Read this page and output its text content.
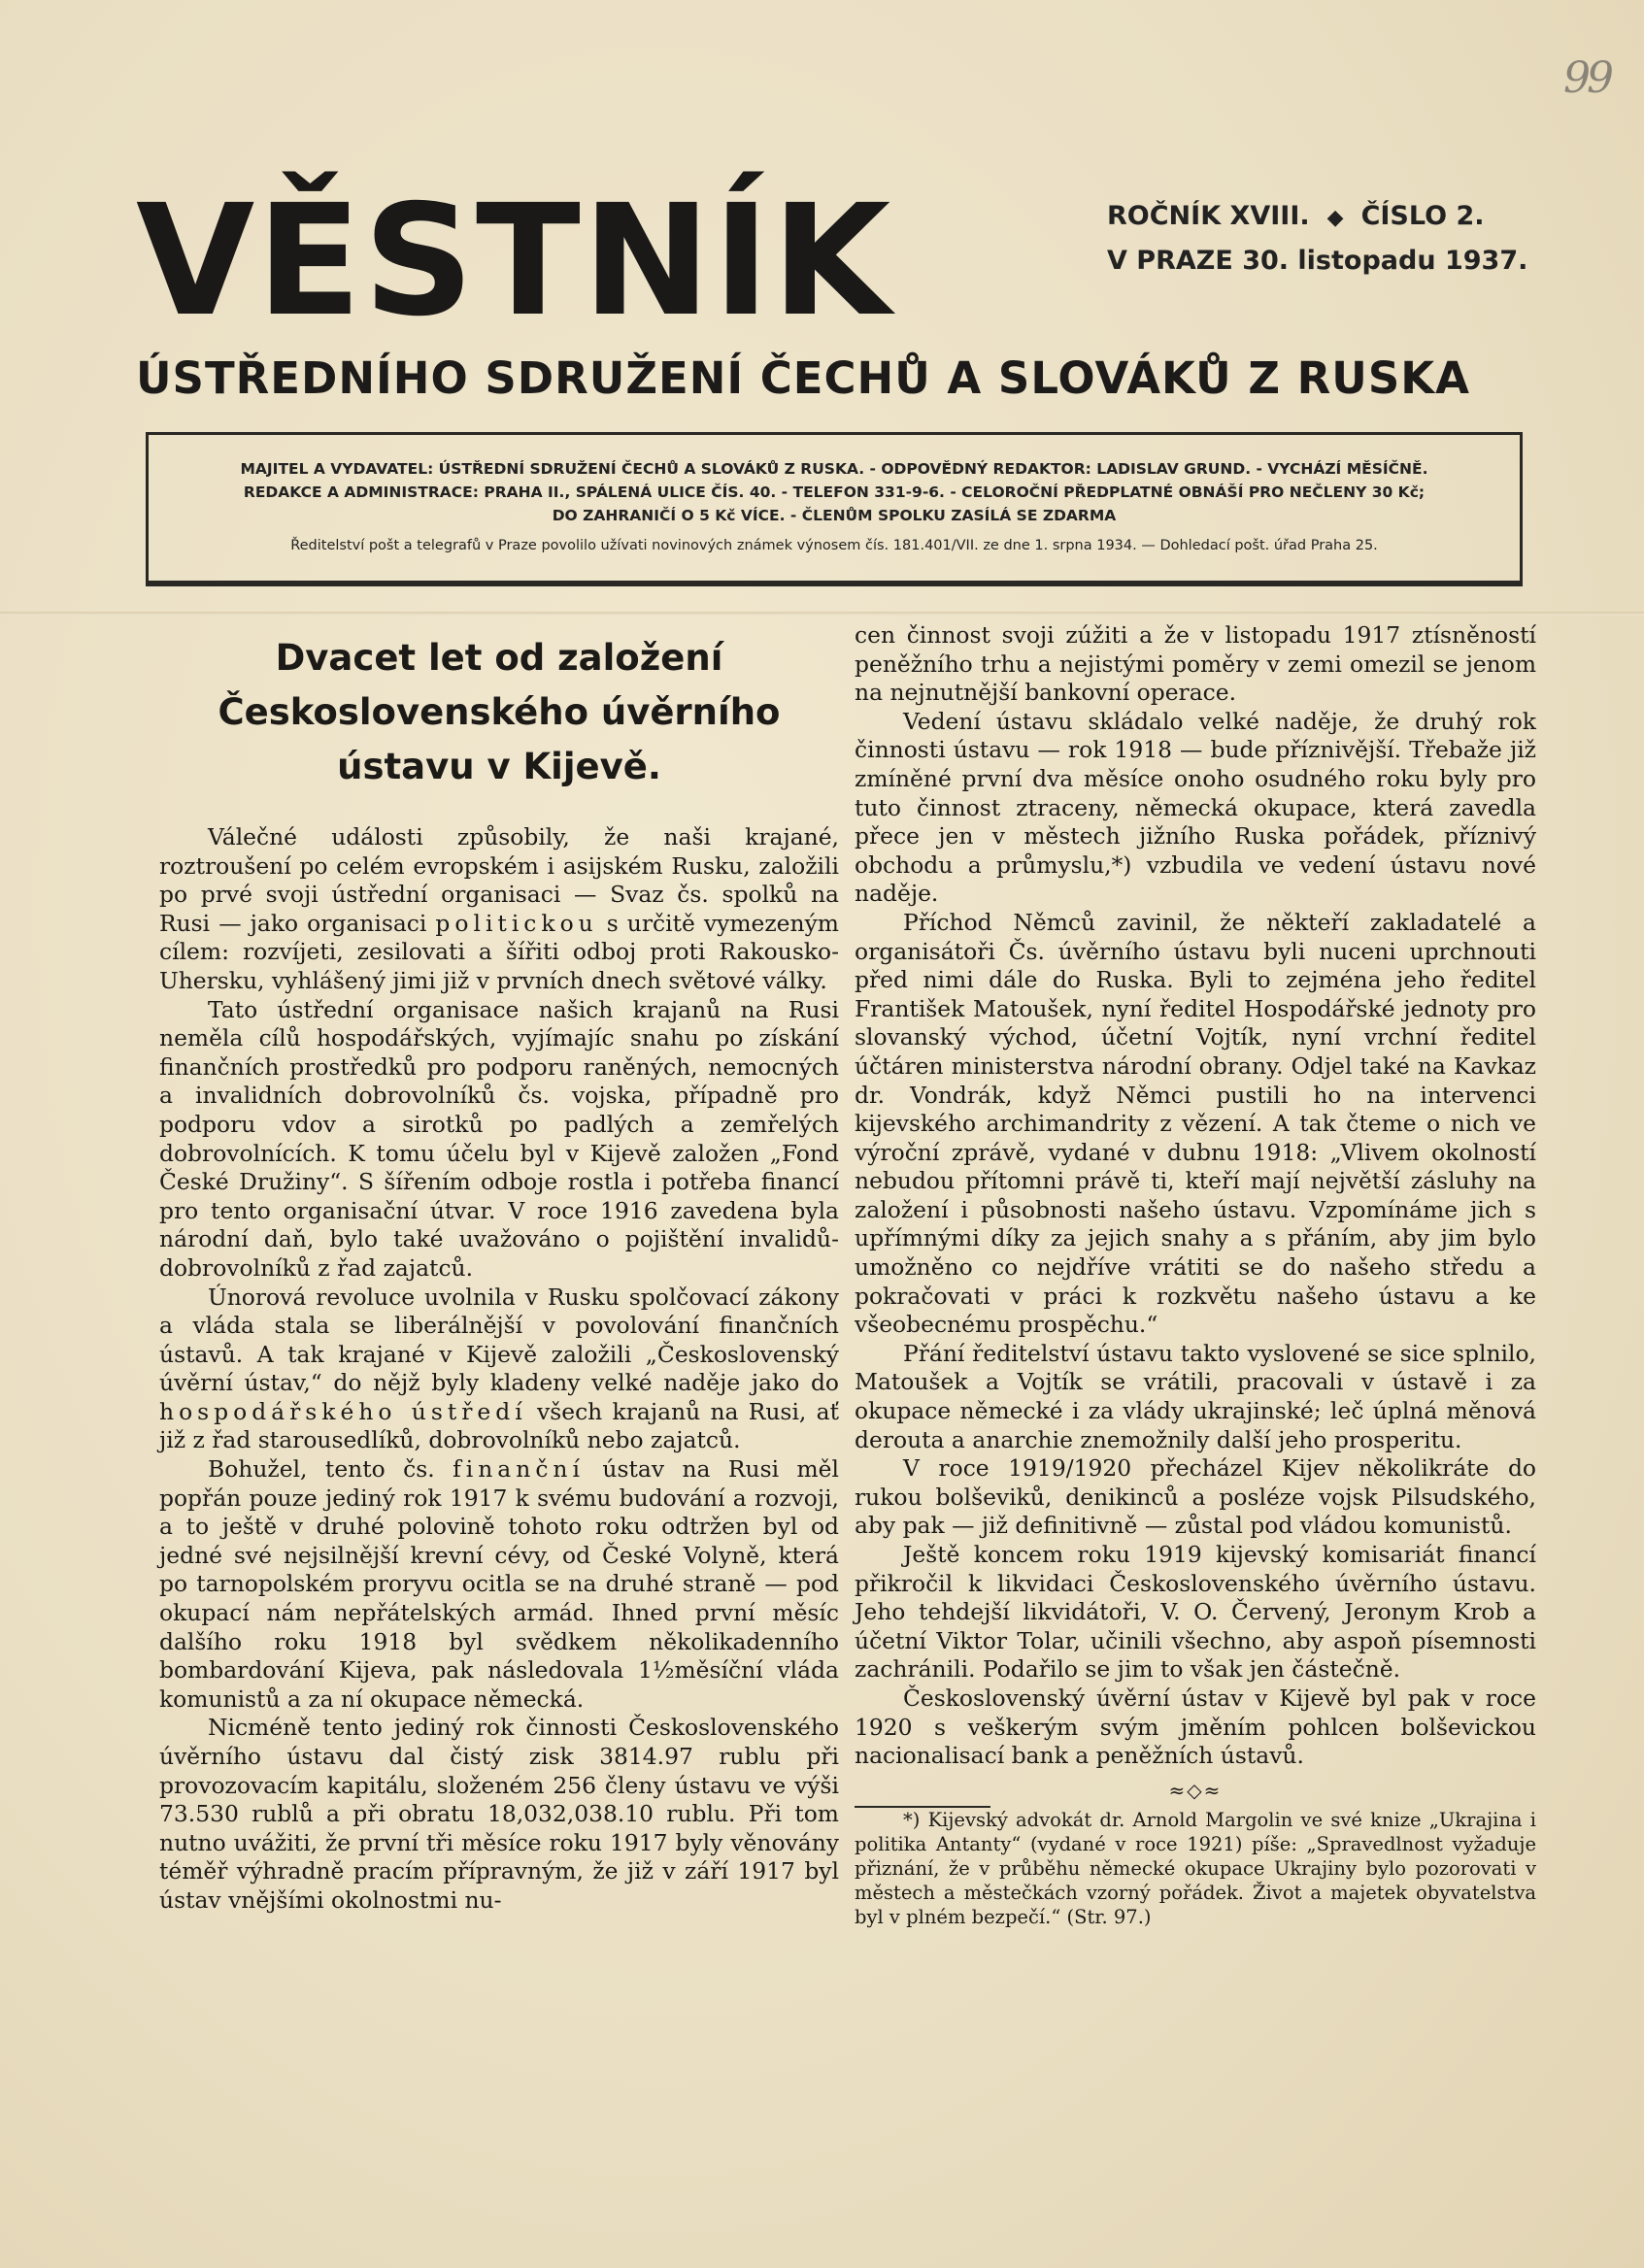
99
VĚSTNÍK	ROČNÍK XVIII. ◆ ČÍSLO 2.
V PRAZE 30. listopadu 1937.
ÚSTŘEDNÍHO SDRUŽENÍ ČECHŮ A SLOVÁKŮ Z RUSKA
MAJITEL A VYDAVATEL: ÚSTŘEDNÍ SDRUŽENÍ ČECHŮ A SLOVÁKŮ Z RUSKA. - ODPOVĚDNÝ REDAKTOR: LADISLAV GRUND. - VYCHÁZÍ MĚSÍČNĚ.
REDAKCE A ADMINISTRACE: PRAHA II., SPÁLENÁ ULICE ČÍS. 40. - TELEFON 331-9-6. - CELOROČNÍ PŘEDPLATNÉ OBNÁŠÍ PRO NEČLENY 30 Kč;
DO ZAHRANIČÍ O 5 Kč VÍCE. - ČLENŮM SPOLKU ZASÍLÁ SE ZDARMA
Ředitelství pošt a telegrafů v Praze povolilo užívati novinových známek výnosem čís. 181.401/VII. ze dne 1. srpna 1934. — Dohledací pošt. úřad Praha 25.
Dvacet let od založení Československého úvěrního ústavu v Kijevě.

Válečné události způsobily, že naši krajané, roztroušení po celém evropském i asijském Rusku, založili po prvé svoji ústřední organisaci — Svaz čs. spolků na Rusi — jako organisaci politickou s určitě vymezeným cílem: rozvíjeti, zesilovati a šířiti odboj proti Rakousko-Uhersku, vyhlášený jimi již v prvních dnech světové války.

Tato ústřední organisace našich krajanů na Rusi neměla cílů hospodářských, vyjímajíc snahu po získání finančních prostředků pro podporu raněných, nemocných a invalidních dobrovolníků čs. vojska, případně pro podporu vdov a sirotků po padlých a zemřelých dobrovolnících. K tomu účelu byl v Kijevě založen „Fond České Družiny“. S šířením odboje rostla i potřeba financí pro tento organisační útvar. V roce 1916 zavedena byla národní daň, bylo také uvažováno o pojištění invalidů-dobrovolníků z řad zajatců.

Únorová revoluce uvolnila v Rusku spolčovací zákony a vláda stala se liberálnější v povolování finančních ústavů. A tak krajané v Kijevě založili „Československý úvěrní ústav,“ do nějž byly kladeny velké naděje jako do hospodářského ústředí všech krajanů na Rusi, ať již z řad starousedlíků, dobrovolníků nebo zajatců.

Bohužel, tento čs. finanční ústav na Rusi měl popřán pouze jediný rok 1917 k svému budování a rozvoji, a to ještě v druhé polovině tohoto roku odtržen byl od jedné své nejsilnější krevní cévy, od České Volyně, která po tarnopolském proryvu ocitla se na druhé straně — pod okupací nám nepřátelských armád. Ihned první měsíc dalšího roku 1918 byl svědkem několikadenního bombardování Kijeva, pak následovala 1½měsíční vláda komunistů a za ní okupace německá.

Nicméně tento jediný rok činnosti Československého úvěrního ústavu dal čistý zisk 3814.97 rublu při provozovacím kapitálu, složeném 256 členy ústavu ve výši 73.530 rublů a při obratu 18,032,038.10 rublu. Při tom nutno uvážiti, že první tři měsíce roku 1917 byly věnovány téměř výhradně pracím přípravným, že již v září 1917 byl ústav vnějšími okolnostmi nu-

cen činnost svoji zúžiti a že v listopadu 1917 ztísněností peněžního trhu a nejistými poměry v zemi omezil se jenom na nejnutnější bankovní operace.

Vedení ústavu skládalo velké naděje, že druhý rok činnosti ústavu — rok 1918 — bude příznivější. Třebaže již zmíněné první dva měsíce onoho osudného roku byly pro tuto činnost ztraceny, německá okupace, která zavedla přece jen v městech jižního Ruska pořádek, příznivý obchodu a průmyslu,*) vzbudila ve vedení ústavu nové naděje.

Příchod Němců zavinil, že někteří zakladatelé a organisátoři Čs. úvěrního ústavu byli nuceni uprchnouti před nimi dále do Ruska. Byli to zejména jeho ředitel František Matoušek, nyní ředitel Hospodářské jednoty pro slovanský východ, účetní Vojtík, nyní vrchní ředitel účtáren ministerstva národní obrany. Odjel také na Kavkaz dr. Vondrák, když Němci pustili ho na intervenci kijevského archimandrity z vězení. A tak čteme o nich ve výroční zprávě, vydané v dubnu 1918: „Vlivem okolností nebudou přítomni právě ti, kteří mají největší zásluhy na založení i působnosti našeho ústavu. Vzpomínáme jich s upřímnými díky za jejich snahy a s přáním, aby jim bylo umožněno co nejdříve vrátiti se do našeho středu a pokračovati v práci k rozkvětu našeho ústavu a ke všeobecnému prospěchu.“

Přání ředitelství ústavu takto vyslovené se sice splnilo, Matoušek a Vojtík se vrátili, pracovali v ústavě i za okupace německé i za vlády ukrajinské; leč úplná měnová derouta a anarchie znemožnily další jeho prosperitu.

V roce 1919/1920 přecházel Kijev několikráte do rukou bolševiků, denikinců a posléze vojsk Pilsudského, aby pak — již definitivně — zůstal pod vládou komunistů.

Ještě koncem roku 1919 kijevský komisariát financí přikročil k likvidaci Československého úvěrního ústavu. Jeho tehdejší likvidátoři, V. O. Červený, Jeronym Krob a účetní Viktor Tolar, učinili všechno, aby aspoň písemnosti zachránili. Podařilo se jim to však jen částečně.

Československý úvěrní ústav v Kijevě byl pak v roce 1920 s veškerým svým jměním pohlcen bolševickou nacionalisací bank a peněžních ústavů.

≈◇≈

*) Kijevský advokát dr. Arnold Margolin ve své knize „Ukrajina i politika Antanty“ (vydané v roce 1921) píše: „Spravedlnost vyžaduje přiznání, že v průběhu německé okupace Ukrajiny bylo pozorovati v městech a městečkách vzorný pořádek. Život a majetek obyvatelstva byl v plném bezpečí.“ (Str. 97.)
